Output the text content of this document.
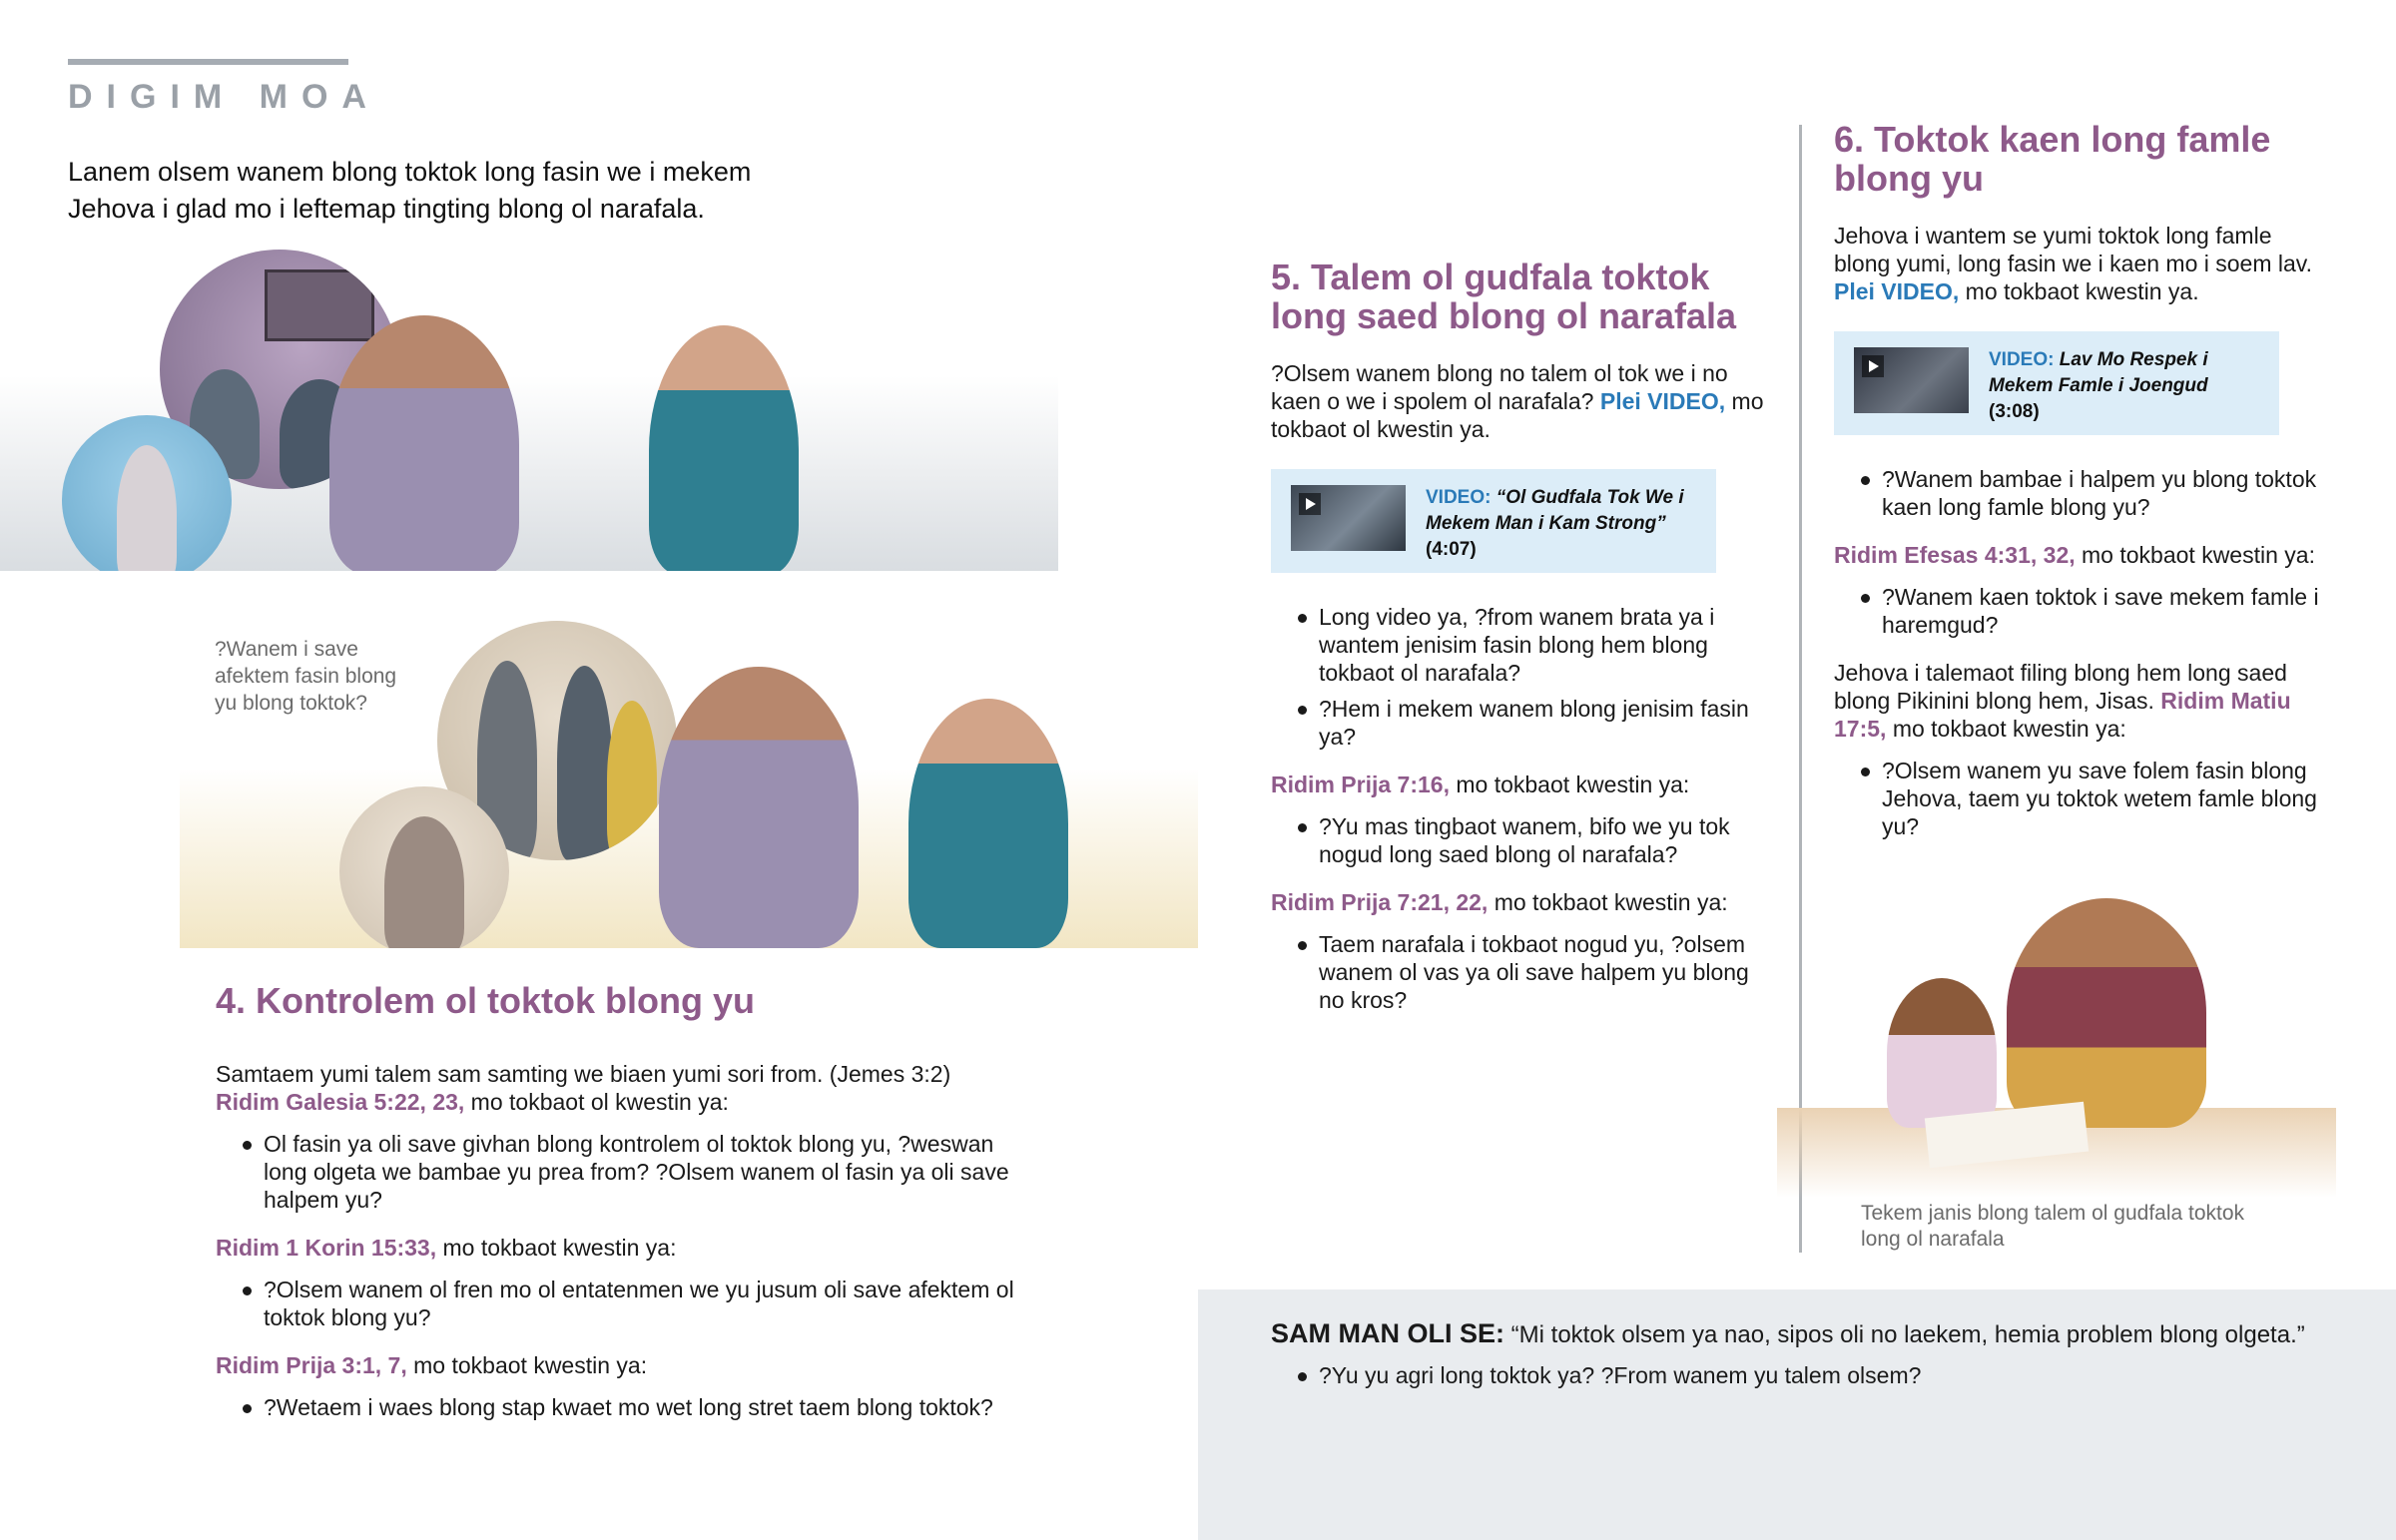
DIGIM MOA
Lanem olsem wanem blong toktok long fasin we i mekem Jehova i glad mo i leftemap tingting blong ol narafala.
?Wanem i save afektem fasin blong yu blong toktok?
4. Kontrolem ol toktok blong yu
Samtaem yumi talem sam samting we biaen yumi sori from. (Jemes 3:2)
Ridim Galesia 5:22, 23, mo tokbaot ol kwestin ya:
Ol fasin ya oli save givhan blong kontrolem ol toktok blong yu, ?weswan long olgeta we bambae yu prea from? ?Olsem wanem ol fasin ya oli save halpem yu?
Ridim 1 Korin 15:33, mo tokbaot kwestin ya:
?Olsem wanem ol fren mo ol entatenmen we yu jusum oli save afektem ol toktok blong yu?
Ridim Prija 3:1, 7, mo tokbaot kwestin ya:
?Wetaem i waes blong stap kwaet mo wet long stret taem blong toktok?
5. Talem ol gudfala toktok long saed blong ol narafala
?Olsem wanem blong no talem ol tok we i no kaen o we i spolem ol narafala? Plei VIDEO, mo tokbaot ol kwestin ya.
VIDEO: “Ol Gudfala Tok We i Mekem Man i Kam Strong”
(4:07)
Long video ya, ?from wanem brata ya i wantem jenisim fasin blong hem blong tokbaot ol narafala?
?Hem i mekem wanem blong jenisim fasin ya?
Ridim Prija 7:16, mo tokbaot kwestin ya:
?Yu mas tingbaot wanem, bifo we yu tok nogud long saed blong ol narafala?
Ridim Prija 7:21, 22, mo tokbaot kwestin ya:
Taem narafala i tokbaot nogud yu, ?olsem wanem ol vas ya oli save halpem yu blong no kros?
6. Toktok kaen long famle blong yu
Jehova i wantem se yumi toktok long famle blong yumi, long fasin we i kaen mo i soem lav. Plei VIDEO, mo tokbaot kwestin ya.
VIDEO: Lav Mo Respek i Mekem Famle i Joengud
(3:08)
?Wanem bambae i halpem yu blong toktok kaen long famle blong yu?
Ridim Efesas 4:31, 32, mo tokbaot kwestin ya:
?Wanem kaen toktok i save mekem famle i haremgud?
Jehova i talemaot filing blong hem long saed blong Pikinini blong hem, Jisas. Ridim Matiu 17:5, mo tokbaot kwestin ya:
?Olsem wanem yu save folem fasin blong Jehova, taem yu toktok wetem famle blong yu?
Tekem janis blong talem ol gudfala toktok long ol narafala
SAM MAN OLI SE: “Mi toktok olsem ya nao, sipos oli no laekem, hemia problem blong olgeta.”
?Yu yu agri long toktok ya? ?From wanem yu talem olsem?
